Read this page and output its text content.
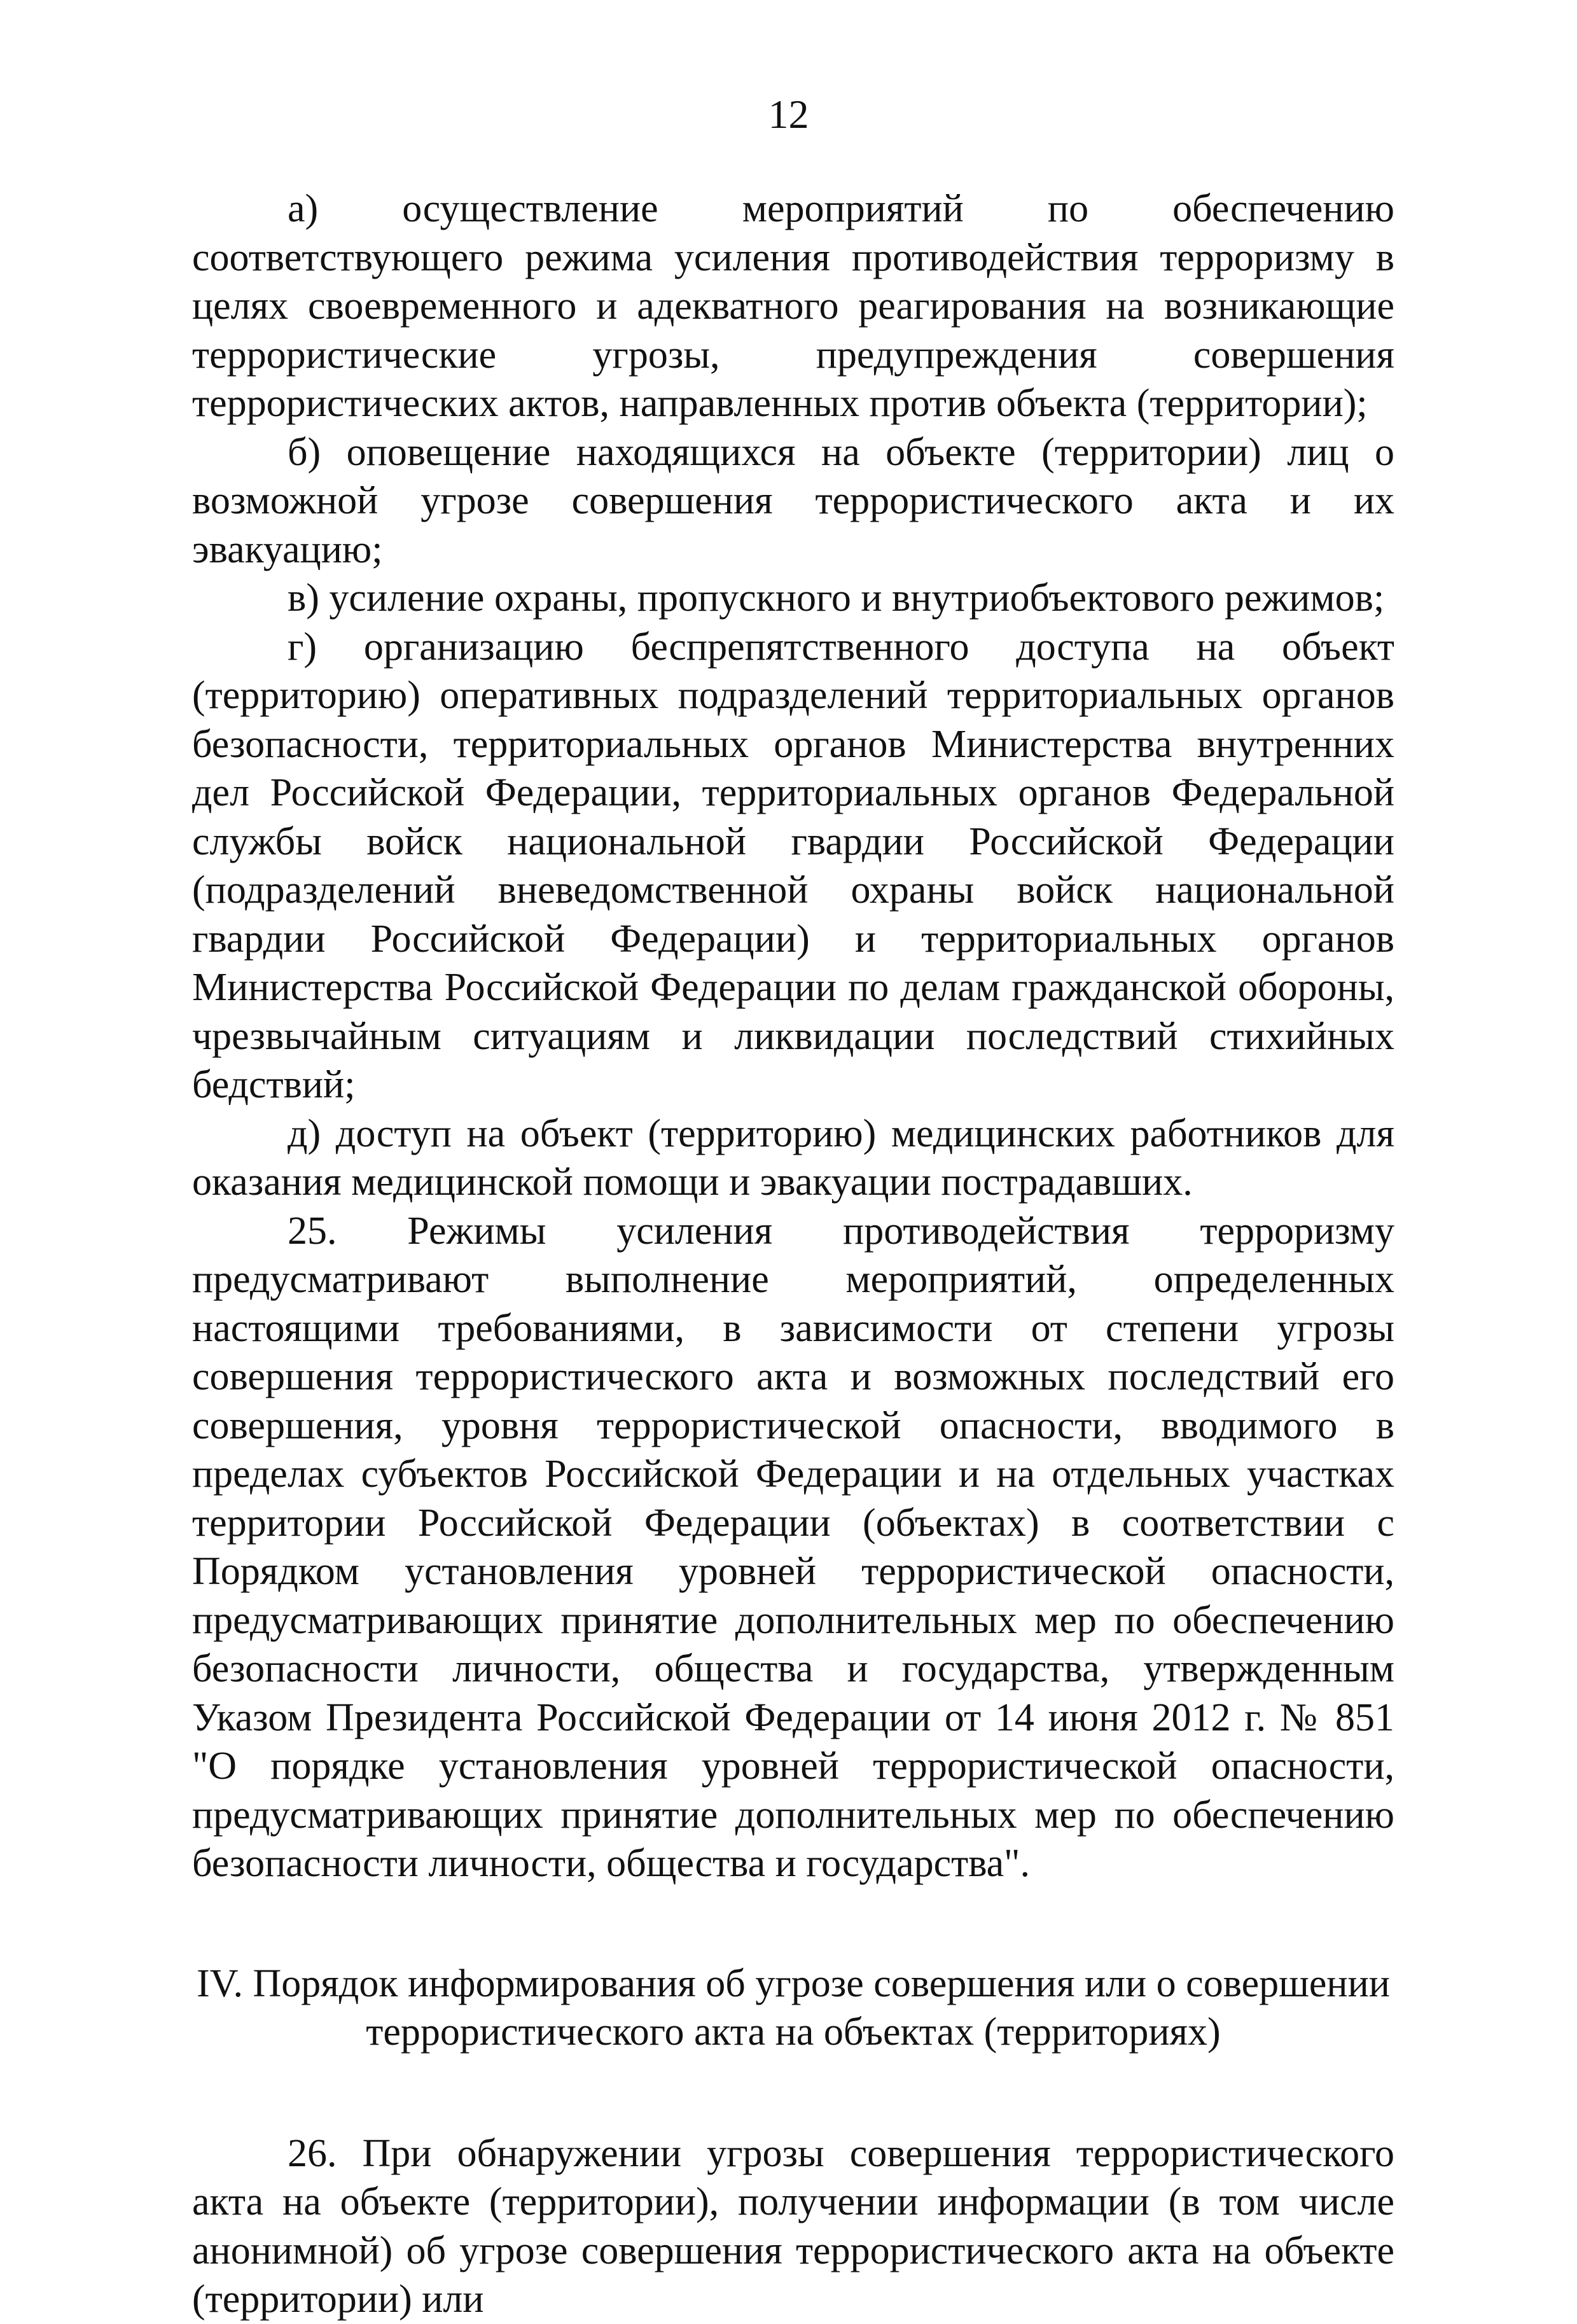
12

а) осуществление мероприятий по обеспечению соответствующего режима усиления противодействия терроризму в целях своевременного и адекватного реагирования на возникающие террористические угрозы, предупреждения совершения террористических актов, направленных против объекта (территории);

б) оповещение находящихся на объекте (территории) лиц о возможной угрозе совершения террористического акта и их эвакуацию;

в) усиление охраны, пропускного и внутриобъектового режимов;

г) организацию беспрепятственного доступа на объект (территорию) оперативных подразделений территориальных органов безопасности, территориальных органов Министерства внутренних дел Российской Федерации, территориальных органов Федеральной службы войск национальной гвардии Российской Федерации (подразделений вневедомственной охраны войск национальной гвардии Российской Федерации) и территориальных органов Министерства Российской Федерации по делам гражданской обороны, чрезвычайным ситуациям и ликвидации последствий стихийных бедствий;

д) доступ на объект (территорию) медицинских работников для оказания медицинской помощи и эвакуации пострадавших.

25. Режимы усиления противодействия терроризму предусматривают выполнение мероприятий, определенных настоящими требованиями, в зависимости от степени угрозы совершения террористического акта и возможных последствий его совершения, уровня террористической опасности, вводимого в пределах субъектов Российской Федерации и на отдельных участках территории Российской Федерации (объектах) в соответствии с Порядком установления уровней террористической опасности, предусматривающих принятие дополнительных мер по обеспечению безопасности личности, общества и государства, утвержденным Указом Президента Российской Федерации от 14 июня 2012 г. № 851 "О порядке установления уровней террористической опасности, предусматривающих принятие дополнительных мер по обеспечению безопасности личности, общества и государства".

IV. Порядок информирования об угрозе совершения или о совершении
террористического акта на объектах (территориях)

26. При обнаружении угрозы совершения террористического акта на объекте (территории), получении информации (в том числе анонимной) об угрозе совершения террористического акта на объекте (территории) или
